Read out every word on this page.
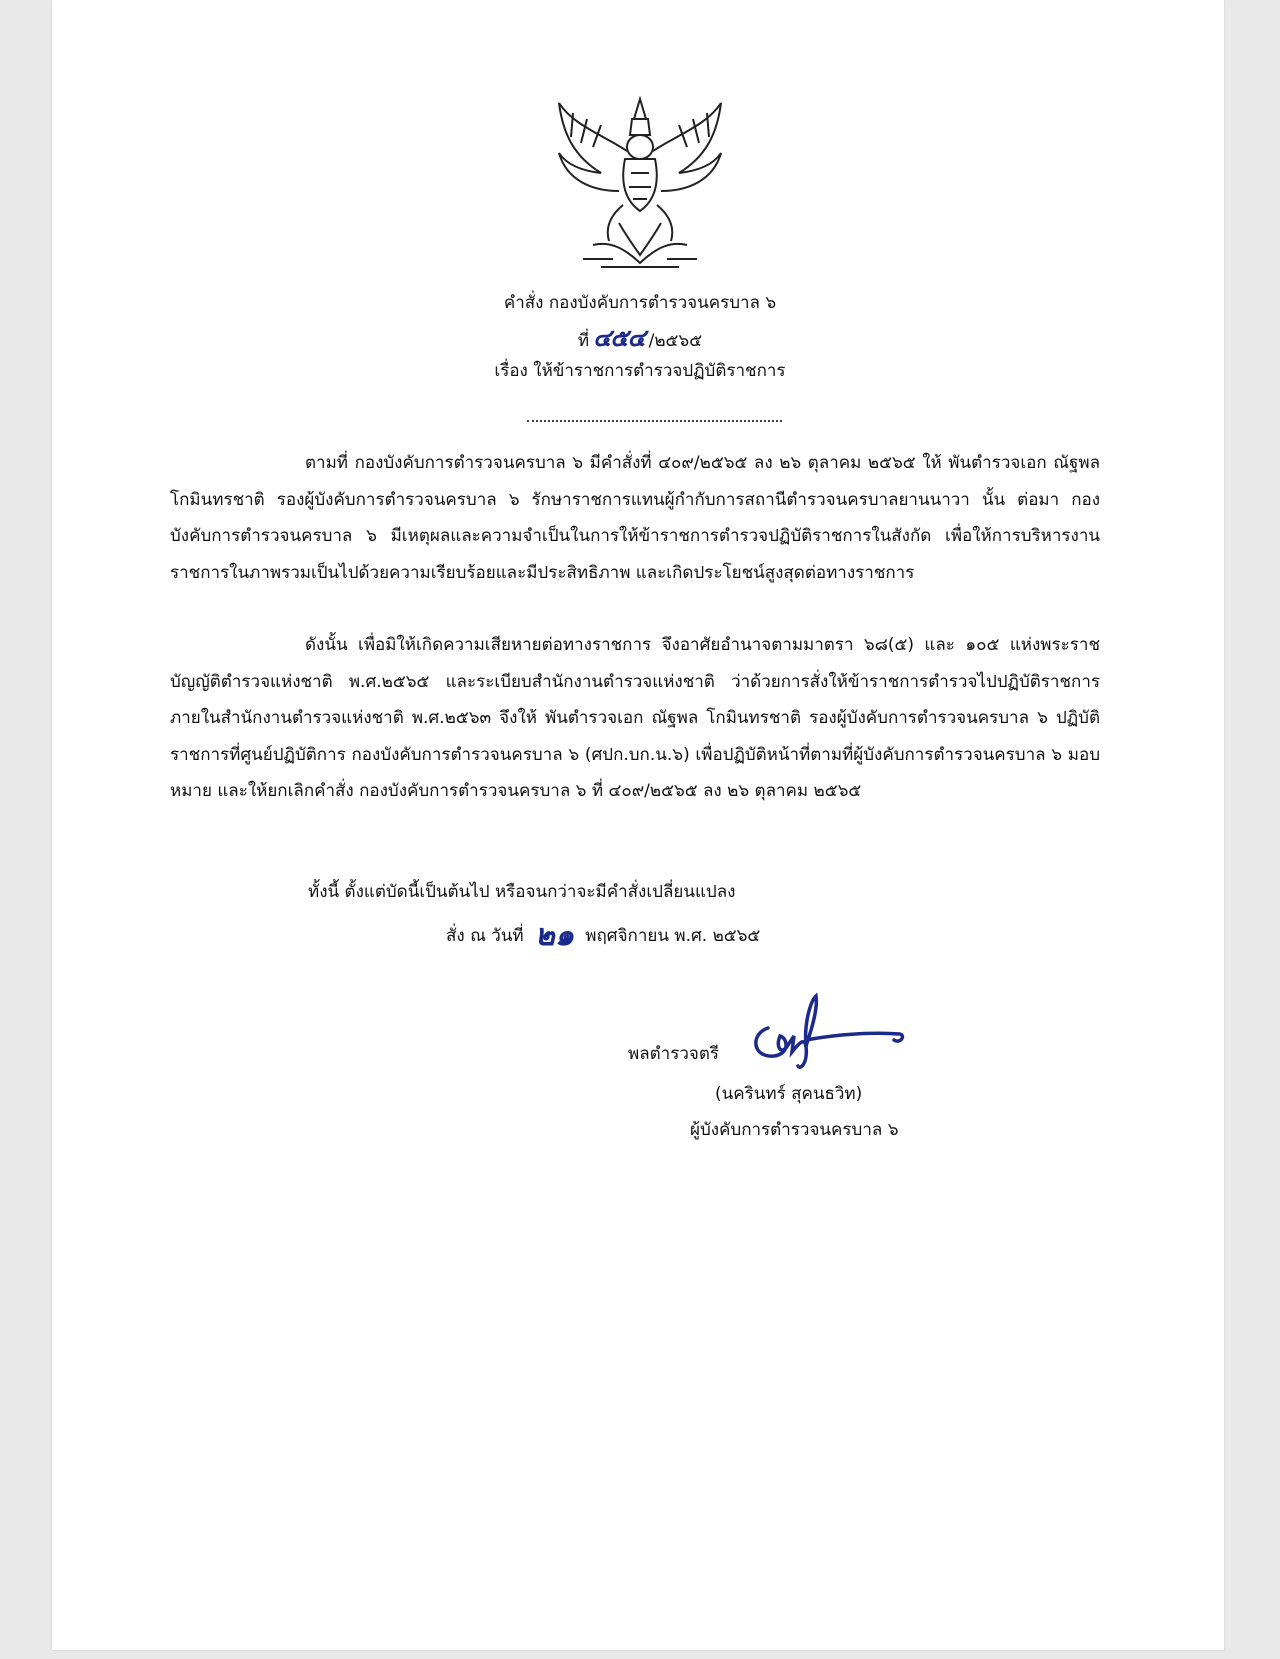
คำสั่ง กองบังคับการตำรวจนครบาล ๖
ที่ ๔๕๔ /๒๕๖๕
เรื่อง ให้ข้าราชการตำรวจปฏิบัติราชการ

ตามที่ กองบังคับการตำรวจนครบาล ๖ มีคำสั่งที่ ๔๐๙/๒๕๖๕ ลง ๒๖ ตุลาคม ๒๕๖๕ ให้ พันตำรวจเอก ณัฐพล โกมินทรชาติ รองผู้บังคับการตำรวจนครบาล ๖ รักษาราชการแทนผู้กำกับการสถานีตำรวจนครบาลยานนาวา นั้น ต่อมา กองบังคับการตำรวจนครบาล ๖ มีเหตุผลและความจำเป็นในการให้ข้าราชการตำรวจปฏิบัติราชการในสังกัด เพื่อให้การบริหารงานราชการในภาพรวมเป็นไปด้วยความเรียบร้อยและมีประสิทธิภาพ และเกิดประโยชน์สูงสุดต่อทางราชการ

ดังนั้น เพื่อมิให้เกิดความเสียหายต่อทางราชการ จึงอาศัยอำนาจตามมาตรา ๖๘(๕) และ ๑๐๕ แห่งพระราชบัญญัติตำรวจแห่งชาติ พ.ศ.๒๕๖๕ และระเบียบสำนักงานตำรวจแห่งชาติ ว่าด้วยการสั่งให้ข้าราชการตำรวจไปปฏิบัติราชการภายในสำนักงานตำรวจแห่งชาติ พ.ศ.๒๕๖๓ จึงให้ พันตำรวจเอก ณัฐพล โกมินทรชาติ รองผู้บังคับการตำรวจนครบาล ๖ ปฏิบัติราชการที่ศูนย์ปฏิบัติการ กองบังคับการตำรวจนครบาล ๖ (ศปก.บก.น.๖) เพื่อปฏิบัติหน้าที่ตามที่ผู้บังคับการตำรวจนครบาล ๖ มอบหมาย และให้ยกเลิกคำสั่ง กองบังคับการตำรวจนครบาล ๖ ที่ ๔๐๙/๒๕๖๕ ลง ๒๖ ตุลาคม ๒๕๖๕

ทั้งนี้ ตั้งแต่บัดนี้เป็นต้นไป หรือจนกว่าจะมีคำสั่งเปลี่ยนแปลง
สั่ง ณ วันที่ ๒๑ พฤศจิกายน พ.ศ. ๒๕๖๕
พลตำรวจตรี
(นครินทร์ สุคนธวิท)
ผู้บังคับการตำรวจนครบาล ๖
